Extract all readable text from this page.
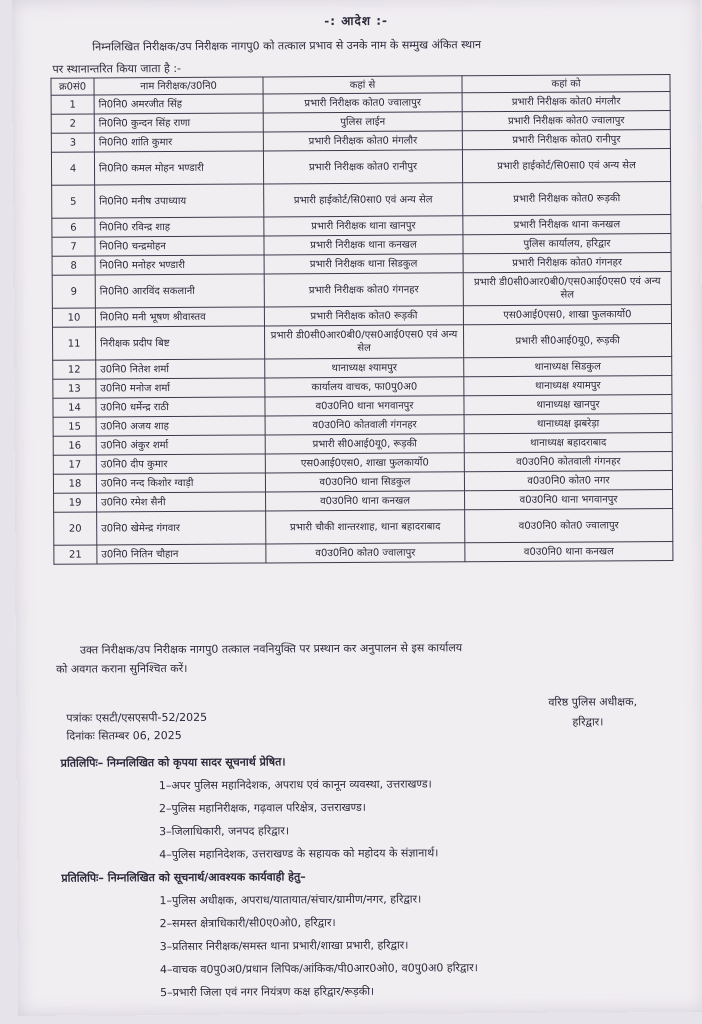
-: आदेश :-
निम्नलिखित निरीक्षक/उप निरीक्षक नागपु0 को तत्काल प्रभाव से उनके नाम के सम्मुख अंकित स्थान
पर स्थानान्तरित किया जाता है :-
क्र0सं0	नाम निरीक्षक/उ0नि0	कहां से	कहां को
1	नि0नि0 अमरजीत सिंह	प्रभारी निरीक्षक कोत0 ज्वालापुर	प्रभारी निरीक्षक कोत0 मंगलौर
2	नि0नि0 कुन्दन सिंह राणा	पुलिस लाईन	प्रभारी निरीक्षक कोत0 ज्वालापुर
3	नि0नि0 शांति कुमार	प्रभारी निरीक्षक कोत0 मंगलौर	प्रभारी निरीक्षक कोत0 रानीपुर
4	नि0नि0 कमल मोहन भण्डारी	प्रभारी निरीक्षक कोत0 रानीपुर	प्रभारी हाईकोर्ट/सि0सा0 एवं अन्य सेल
5	नि0नि0 मनीष उपाध्याय	प्रभारी हाईकोर्ट/सि0सा0 एवं अन्य सेल	प्रभारी निरीक्षक कोत0 रूड़की
6	नि0नि0 रविन्द्र शाह	प्रभारी निरीक्षक थाना खानपुर	प्रभारी निरीक्षक थाना कनखल
7	नि0नि0 चन्द्रमोहन	प्रभारी निरीक्षक थाना कनखल	पुलिस कार्यालय, हरिद्वार
8	नि0नि0 मनोहर भण्डारी	प्रभारी निरीक्षक थाना सिडकुल	प्रभारी निरीक्षक कोत0 गंगनहर
9	नि0नि0 आरविंद सकलानी	प्रभारी निरीक्षक कोत0 गंगनहर	प्रभारी डी0सी0आर0बी0/एस0आई0एस0 एवं अन्य सेल
10	नि0नि0 मनी भूषण श्रीवास्तव	प्रभारी निरीक्षक कोत0 रूड़की	एस0आई0एस0, शाखा फुलकार्यो0
11	निरीक्षक प्रदीप बिष्ट	प्रभारी डी0सी0आर0बी0/एस0आई0एस0 एवं अन्य सेल	प्रभारी सी0आई0यू0, रूड़की
12	उ0नि0 नितेश शर्मा	थानाध्यक्ष श्यामपुर	थानाध्यक्ष सिडकुल
13	उ0नि0 मनोज शर्मा	कार्यालय वाचक, फा0पु0अ0	थानाध्यक्ष श्यामपुर
14	उ0नि0 धर्मेन्द्र राठी	व0उ0नि0 थाना भगवानपुर	थानाध्यक्ष खानपुर
15	उ0नि0 अजय शाह	व0उ0नि0 कोतवाली गंगनहर	थानाध्यक्ष झबरेड़ा
16	उ0नि0 अंकुर शर्मा	प्रभारी सी0आई0यू0, रूड़की	थानाध्यक्ष बहादराबाद
17	उ0नि0 दीप कुमार	एस0आई0एस0, शाखा फुलकार्यो0	व0उ0नि0 कोतवाली गंगनहर
18	उ0नि0 नन्द किशोर ग्वाड़ी	व0उ0नि0 थाना सिडकुल	व0उ0नि0 कोत0 नगर
19	उ0नि0 रमेश सैनी	व0उ0नि0 थाना कनखल	व0उ0नि0 थाना भगवानपुर
20	उ0नि0 खेमेन्द्र गंगवार	प्रभारी चौकी शान्तरशाह, थाना बहादराबाद	व0उ0नि0 कोत0 ज्वालापुर
21	उ0नि0 नितिन चौहान	व0उ0नि0 कोत0 ज्वालापुर	व0उ0नि0 थाना कनखल
उक्त निरीक्षक/उप निरीक्षक नागपु0 तत्काल नवनियुक्ति पर प्रस्थान कर अनुपालन से इस कार्यालय
को अवगत कराना सुनिश्चित करें।
वरिष्ठ पुलिस अधीक्षक,
हरिद्वार।
पत्रांकः एसटी/एसएसपी-52/2025
दिनांकः सितम्बर 06, 2025
प्रतिलिपिः– निम्नलिखित को कृपया सादर सूचनार्थ प्रेषित।
1–अपर पुलिस महानिदेशक, अपराध एवं कानून व्यवस्था, उत्तराखण्ड।
2–पुलिस महानिरीक्षक, गढ़वाल परिक्षेत्र, उत्तराखण्ड।
3–जिलाधिकारी, जनपद हरिद्वार।
4–पुलिस महानिदेशक, उत्तराखण्ड के सहायक को महोदय के संज्ञानार्थ।
प्रतिलिपिः– निम्नलिखित को सूचनार्थ/आवश्यक कार्यवाही हेतु–
1–पुलिस अधीक्षक, अपराध/यातायात/संचार/ग्रामीण/नगर, हरिद्वार।
2–समस्त क्षेत्राधिकारी/सी0ए0ओ0, हरिद्वार।
3–प्रतिसार निरीक्षक/समस्त थाना प्रभारी/शाखा प्रभारी, हरिद्वार।
4–वाचक व0पु0अ0/प्रधान लिपिक/आंकिक/पी0आर0ओ0, व0पु0अ0 हरिद्वार।
5–प्रभारी जिला एवं नगर नियंत्रण कक्ष हरिद्वार/रूड़की।
